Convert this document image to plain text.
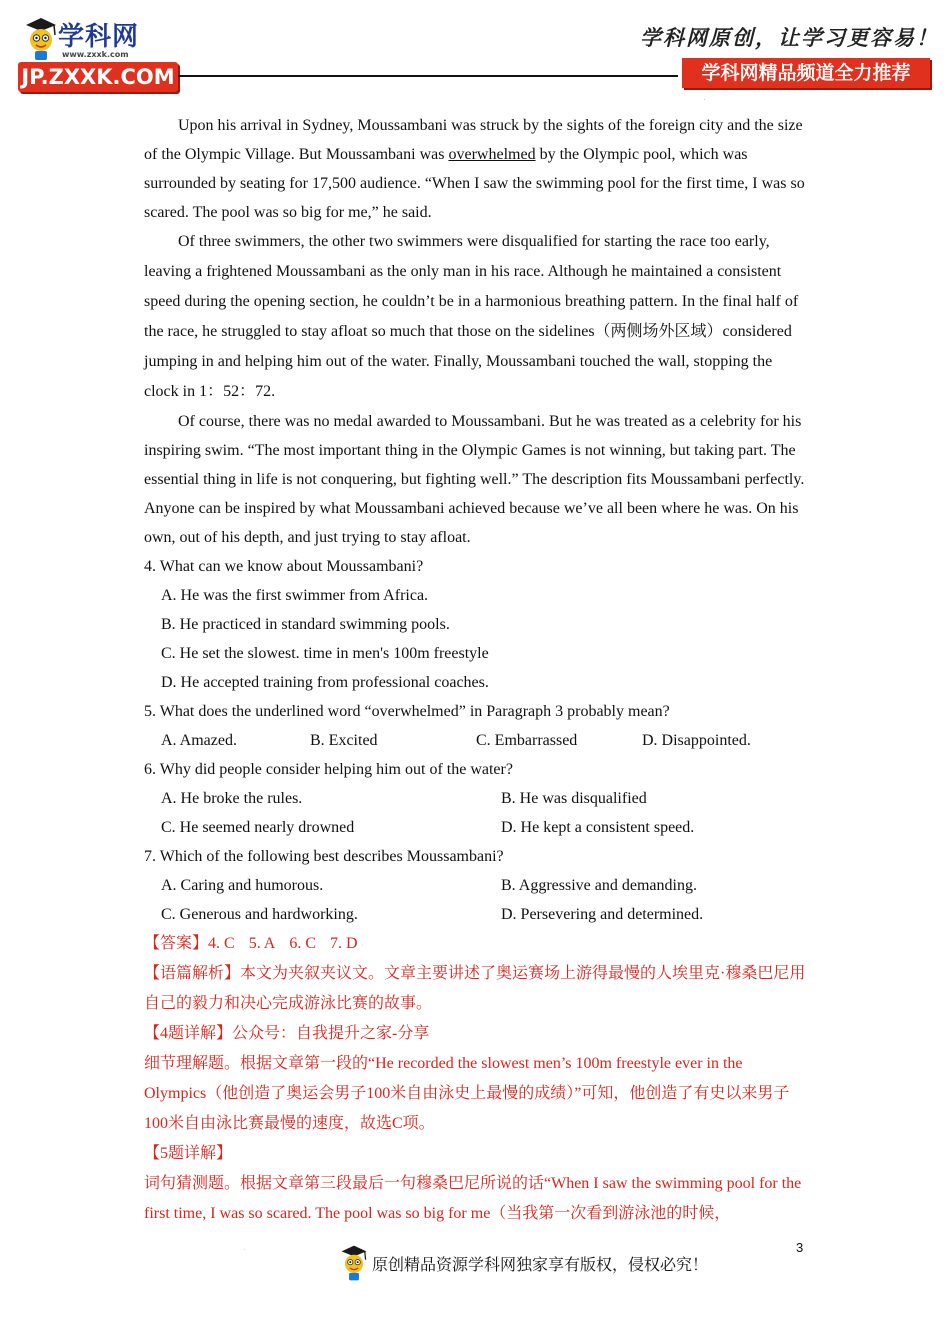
学科网
www.zxxk.com
JP.ZXXK.COM
学科网原创，让学习更容易！
学科网精品频道全力推荐
.

Upon his arrival in Sydney, Moussambani was struck by the sights of the foreign city and the size of the Olympic Village. But Moussambani was overwhelmed by the Olympic pool, which was surrounded by seating for 17,500 audience. “When I saw the swimming pool for the first time, I was so scared. The pool was so big for me,” he said.

Of three swimmers, the other two swimmers were disqualified for starting the race too early, leaving a frightened Moussambani as the only man in his race. Although he maintained a consistent speed during the opening section, he couldn’t be in a harmonious breathing pattern. In the final half of the race, he struggled to stay afloat so much that those on the sidelines（两侧场外区域）considered jumping in and helping him out of the water. Finally, Moussambani touched the wall, stopping the clock in 1：52：72.

Of course, there was no medal awarded to Moussambani. But he was treated as a celebrity for his inspiring swim. “The most important thing in the Olympic Games is not winning, but taking part. The essential thing in life is not conquering, but fighting well.” The description fits Moussambani perfectly. Anyone can be inspired by what Moussambani achieved because we’ve all been where he was. On his own, out of his depth, and just trying to stay afloat.

4. What can we know about Moussambani?

A. He was the first swimmer from Africa.

B. He practiced in standard swimming pools.

C. He set the slowest. time in men's 100m freestyle

D. He accepted training from professional coaches.

5. What does the underlined word “overwhelmed” in Paragraph 3 probably mean?

A. Amazed.	B. Excited	C. Embarrassed	D. Disappointed.

6. Why did people consider helping him out of the water?

A. He broke the rules.	B. He was disqualified

C. He seemed nearly drowned	D. He kept a consistent speed.

7. Which of the following best describes Moussambani?

A. Caring and humorous.	B. Aggressive and demanding.

C. Generous and hardworking.	D. Persevering and determined.

【答案】4. C 5. A 6. C 7. D .

【语篇解析】本文为夹叙夹议文。文章主要讲述了奥运赛场上游得最慢的人埃里克·穆桑巴尼用自己的毅力和决心完成游泳比赛的故事。

【4题详解】公众号：自我提升之家-分享

细节理解题。根据文章第一段的“He recorded the slowest men’s 100m freestyle ever in the Olympics（他创造了奥运会男子100米自由泳史上最慢的成绩）”可知，他创造了有史以来男子100米自由泳比赛最慢的速度，故选C项。

【5题详解】

词句猜测题。根据文章第三段最后一句穆桑巴尼所说的话“When I saw the swimming pool for the first time, I was so scared. The pool was so big for me（当我第一次看到游泳池的时候，

.	3
原创精品资源学科网独家享有版权，侵权必究！
